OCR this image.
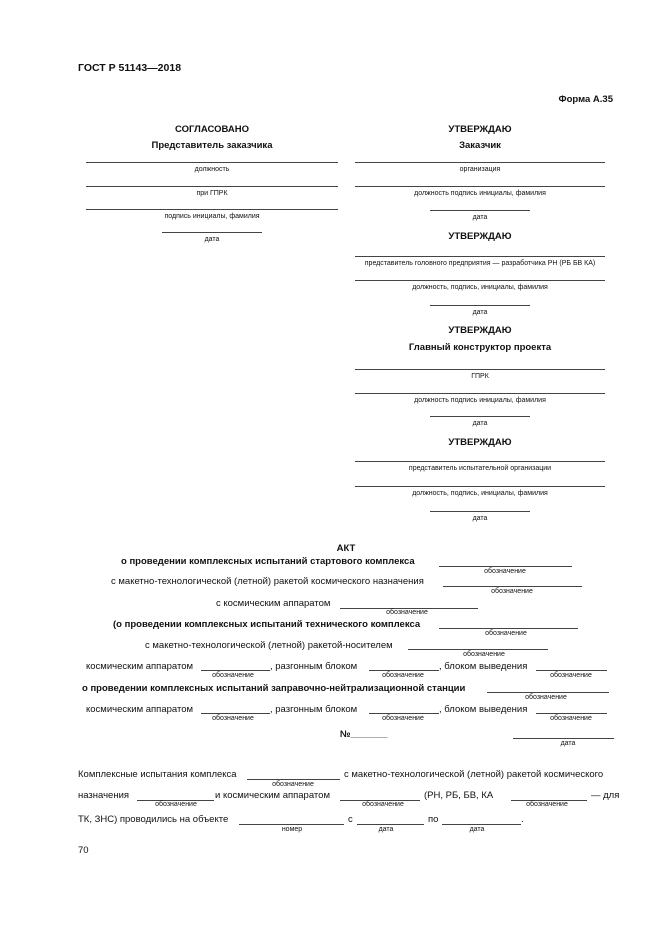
ГОСТ Р 51143—2018
Форма А.35
СОГЛАСОВАНО
Представитель заказчика
должность
при ГПРК
подпись инициалы, фамилия
дата
УТВЕРЖДАЮ
Заказчик
организация
должность подпись инициалы, фамилия
дата
УТВЕРЖДАЮ
представитель головного предприятия — разработчика РН (РБ БВ КА)
должность, подпись, инициалы, фамилия
дата
УТВЕРЖДАЮ
Главный конструктор проекта
ГПРК
должность подпись инициалы, фамилия
дата
УТВЕРЖДАЮ
представитель испытательной организации
должность, подпись, инициалы, фамилия
дата
АКТ
о проведении комплексных испытаний стартового комплекса
обозначение
с макетно-технологической (летной) ракетой космического назначения
обозначение
с космическим аппаратом
обозначение
(о проведении комплексных испытаний технического комплекса
обозначение
с макетно-технологической (летной) ракетой-носителем
обозначение
космическим аппаратом
обозначение
, разгонным блоком
обозначение
, блоком выведения
обозначение
о проведении комплексных испытаний заправочно-нейтрализационной станции
обозначение
космическим аппаратом
обозначение
, разгонным блоком
обозначение
, блоком выведения
обозначение
№_______
дата
Комплексные испытания комплекса
обозначение
с макетно-технологической (летной) ракетой космического
назначения
обозначение
и космическим аппаратом
обозначение
(РН, РБ, БВ, КА
обозначение
— для
ТК, ЗНС) проводились на объекте
номер
с
дата
по
дата
.
70
